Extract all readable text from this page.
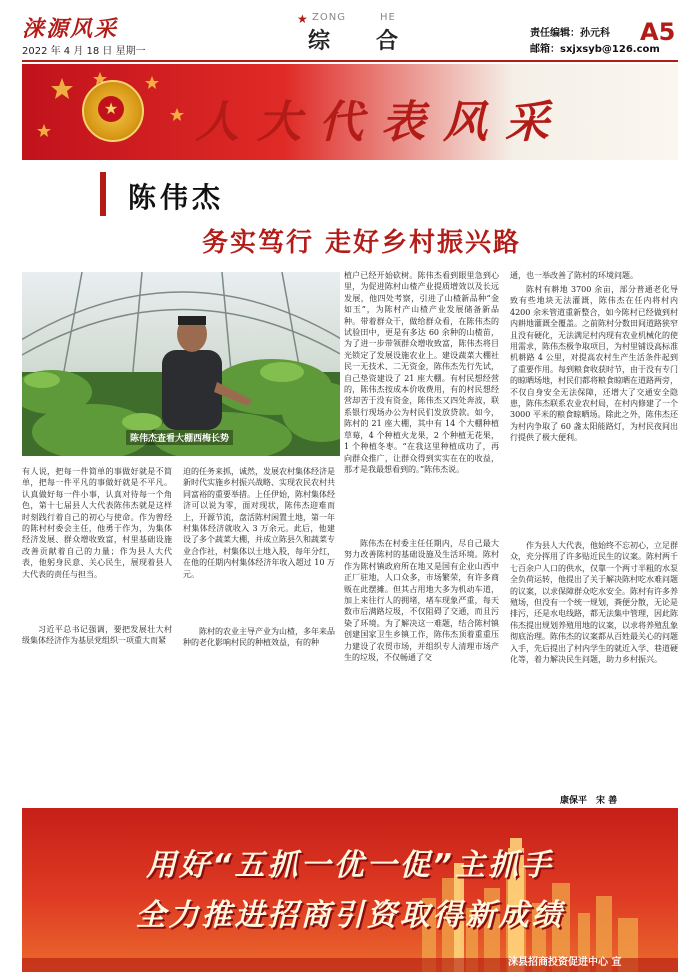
涞源风采
2022 年 4 月 18 日 星期一
★ ZONG	HE
综 合	责任编辑：孙元科
邮箱：sxjxsyb@126.com
A5
★ 人大代表风采
陈伟杰
务实笃行 走好乡村振兴路
陈伟杰查看大棚西梅长势
有人说，把每一件简单的事做好就是不简单，把每一件平凡的事做好就是不平凡。认真做好每一件小事，认真对待每一个角色，第十七届县人大代表陈伟杰就是这样时刻践行着自己的初心与使命。作为曾经的陈村村委会主任，他勇于作为，为集体经济发展、群众增收致富，村里基础设施改善贡献着自己的力量；作为县人大代表，他躬身民意、关心民生，展现着县人大代表的责任与担当。
习近平总书记强调，要把发展壮大村级集体经济作为基层党组织一项重大而紧
迫的任务来抓，诚然，发展农村集体经济是新时代实施乡村振兴战略、实现农民农村共同富裕的重要举措。上任伊始，陈村集体经济可以说为零，面对现状，陈伟杰迎难而上，开源节流，盘活陈村闲置土地，第一年村集体经济就收入 3 万余元。此后，他建设了多个蔬菜大棚，并成立陈县久和蔬菜专业合作社，村集体以土地入股，每年分红，在他的任期内村集体经济年收入超过 10 万元。
陈村的农业主导产业为山楂，多年来品种的老化影响村民的种植效益，有的种
植户已经开始砍树。陈伟杰看到眼里急到心里，为促进陈村山楂产业提质增效以及长远发展，他四处考察，引进了山楂新品种“金如玉”，为陈村产山楂产业发展储备新品种。带着群众干，做给群众看，在陈伟杰的试验田中，更是有多达 60 余种的山楂苗，为了进一步带领群众增收致富，陈伟杰将目光锁定了发展设施农业上。建设蔬菜大棚社民一无技术、二无资金，陈伟杰先行先试，自己垫资建设了 21 座大棚。有村民想经营的，陈伟杰按成本价收费用，有的村民想经营却苦于没有资金，陈伟杰又四处奔波，联系银行现场办公为村民们发放贷款。如今，陈村的 21 座大棚，其中有 14 个大棚种植草莓，4 个种植火龙果，2 个种植无花果，1 个种植冬枣。“在我这里种植成功了，再向群众推广，让群众得到实实在在的收益，那才是我最想看到的。”陈伟杰说。
陈伟杰在村委主任任期内，尽自己最大努力改善陈村的基础设施及生活环境。陈村作为陈村镇政府所在地又是国有企业山西中正厂驻地，人口众多，市场繁荣，有许多商贩在此摆摊。但其占用地大多为机动车道，加上来往行人的拥堵，堵车现象严重，每天数市后满路垃圾，不仅阻碍了交通，而且污染了环境。为了解决这一难题，结合陈村镇创建国家卫生乡镇工作，陈伟杰顶着重重压力建设了农贸市场，并组织专人清理市场产生的垃圾，不仅畅通了交
通，也一举改善了陈村的环境问题。
陈村有耕地 3700 余亩，部分普通老化导致有些地块无法灌溉，陈伟杰在任内将村内 4200 余米管道重新整合，如今陈村已经做到村内耕地灌溉全覆盖。之前陈村分数田间道路狭窄且没有硬化，无法满足村内现有农业机械化的使用需求，陈伟杰极争取项目，为村里铺设高标准机耕路 4 公里，对提高农村生产生活条件起到了重要作用。每到粮食收获时节，由于没有专门的晾晒场地，村民们都将粮食晾晒在道路两旁，不仅自身安全无法保障，还增大了交通安全隐患，陈伟杰联系农业农村局，在村内修建了一个 3000 平米的粮食晾晒场。除此之外，陈伟杰还为村内争取了 60 盏太阳能路灯，为村民夜间出行提供了极大便利。
作为县人大代表，他始终不忘初心，立足群众，充分挥用了许多贴近民生的议案。陈村两千七百余户人口的供水，仅靠一个两寸半粗的水泵全负荷运转，他提出了关于解决陈村吃水难问题的议案，以求保障群众吃水安全。陈村有许多养殖场，但没有一个统一规划，粪便分散，无论是排污，还是水电线路，都无法集中管理，因此陈伟杰提出规划养殖用地的议案，以求将养殖乱象彻底治理。陈伟杰的议案都从百姓最关心的问题入手，先后提出了村内学生的就近入学、巷道硬化等，着力解决民生问题，助力乡村振兴。
康保平　宋 善
用好“五抓一优一促”主抓手
全力推进招商引资取得新成绩
涞县招商投资促进中心 宣
